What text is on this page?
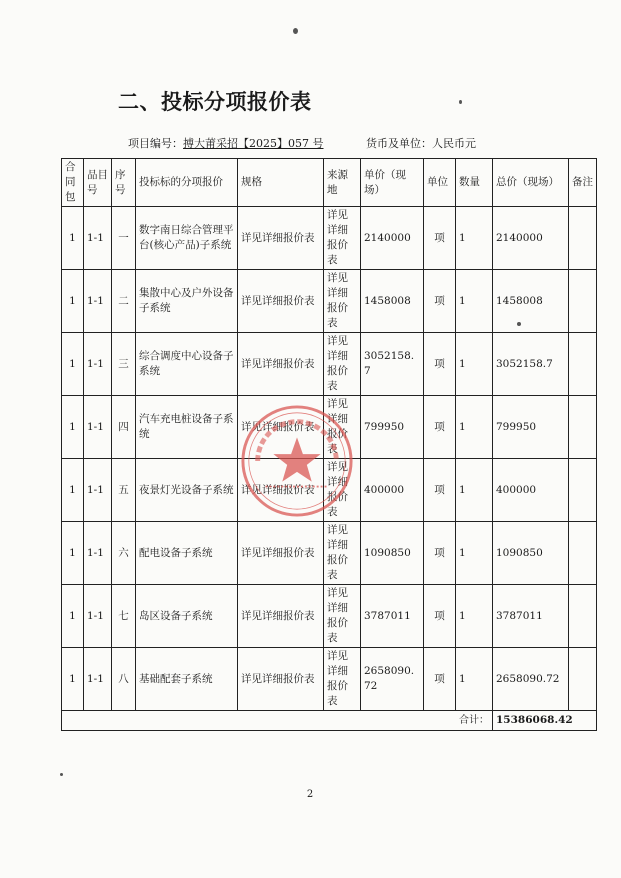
二、投标分项报价表
项目编号：搏大莆采招【2025】057 号	货币及单位：人民币元
合同包	品目号	序号	投标标的分项报价	规格	来源地	单价（现场）	单位	数量	总价（现场）	备注
1	1-1	一	数字南日综合管理平台(核心产品)子系统	详见详细报价表	详见详细报价表	2140000	项	1	2140000	
1	1-1	二	集散中心及户外设备子系统	详见详细报价表	详见详细报价表	1458008	项	1	1458008	
1	1-1	三	综合调度中心设备子系统	详见详细报价表	详见详细报价表	3052158.7	项	1	3052158.7	
1	1-1	四	汽车充电桩设备子系统	详见详细报价表	详见详细报价表	799950	项	1	799950	
1	1-1	五	夜景灯光设备子系统	详见详细报价表	详见详细报价表	400000	项	1	400000	
1	1-1	六	配电设备子系统	详见详细报价表	详见详细报价表	1090850	项	1	1090850	
1	1-1	七	岛区设备子系统	详见详细报价表	详见详细报价表	3787011	项	1	3787011	
1	1-1	八	基础配套子系统	详见详细报价表	详见详细报价表	2658090.72	项	1	2658090.72	
合计：									15386068.42	
2
